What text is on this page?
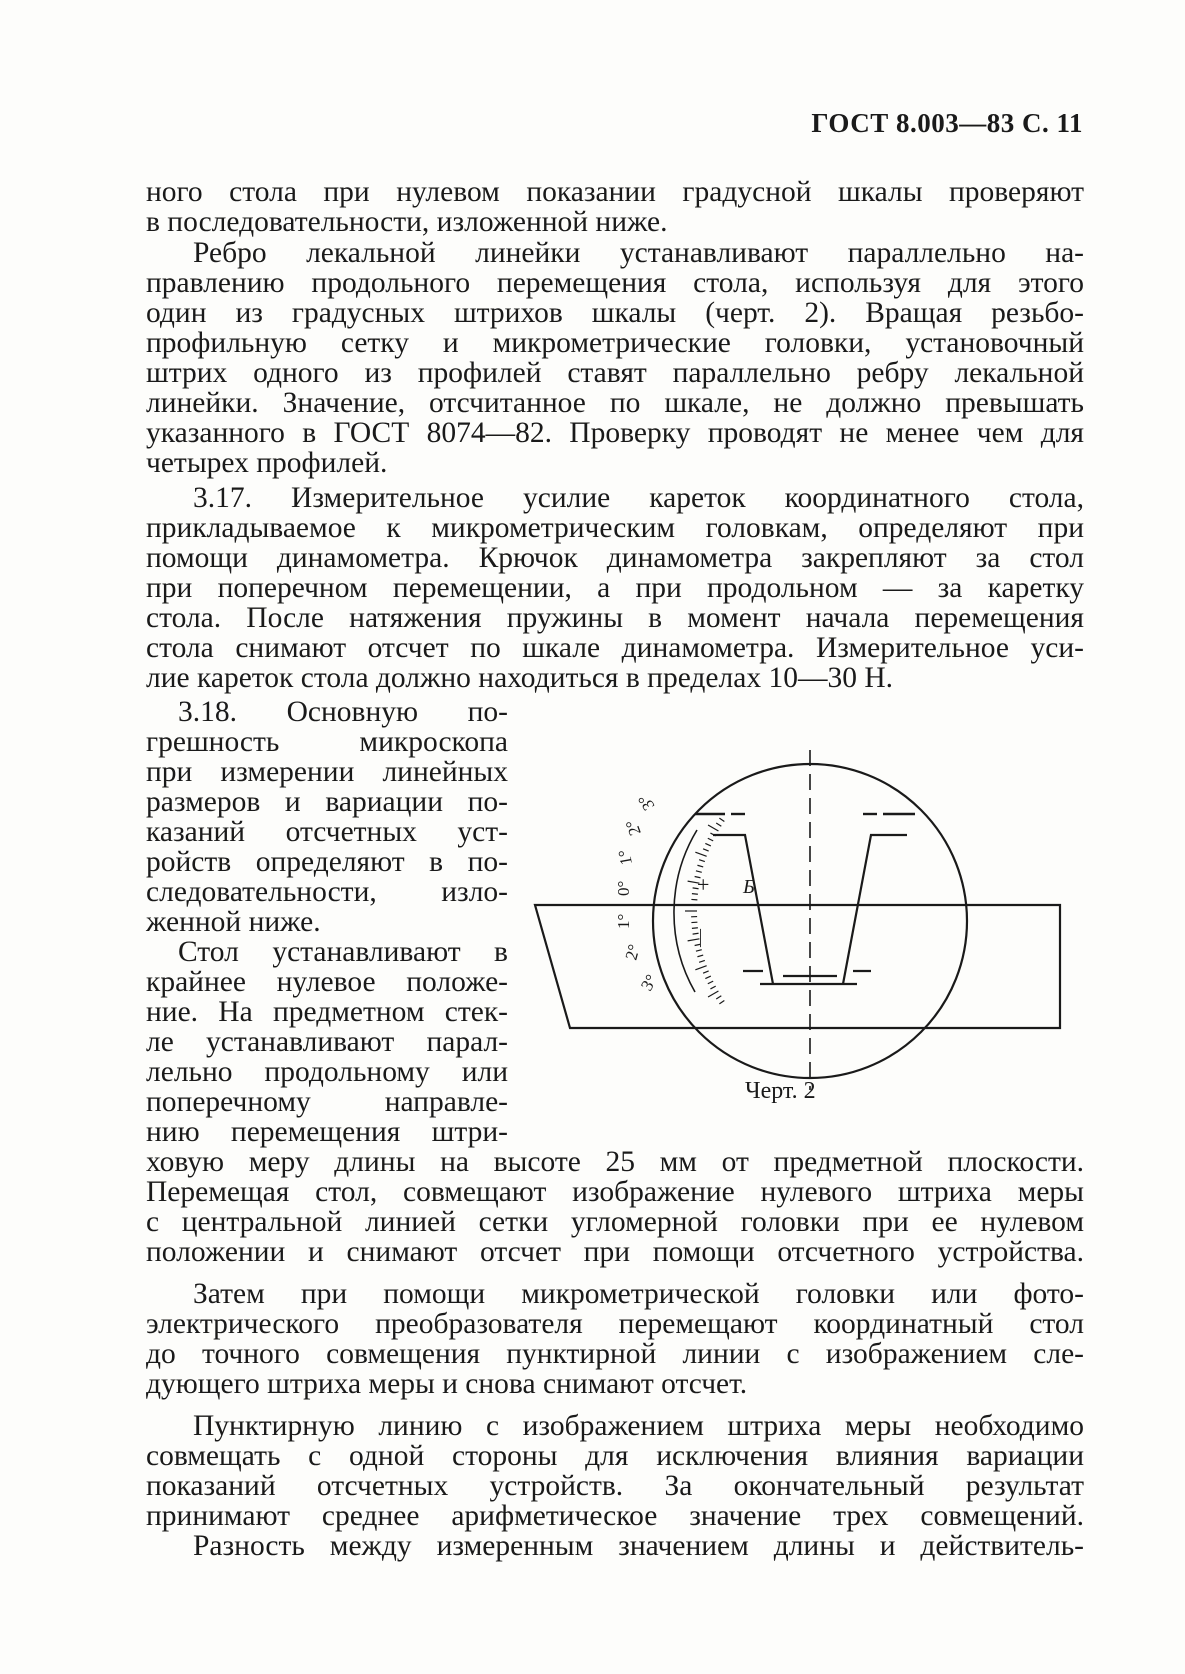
ГОСТ 8.003—83 С. 11
ного стола при нулевом показании градусной шкалы проверяют
в последовательности, изложенной ниже.
Ребро лекальной линейки устанавливают параллельно на-
правлению продольного перемещения стола, используя для этого
один из градусных штрихов шкалы (черт. 2). Вращая резьбо-
профильную сетку и микрометрические головки, установочный
штрих одного из профилей ставят параллельно ребру лекальной
линейки. Значение, отсчитанное по шкале, не должно превышать
указанного в ГОСТ 8074—82. Проверку проводят не менее чем для
четырех профилей.
3.17. Измерительное усилие кареток координатного стола,
прикладываемое к микрометрическим головкам, определяют при
помощи динамометра. Крючок динамометра закрепляют за стол
при поперечном перемещении, а при продольном — за каретку
стола. После натяжения пружины в момент начала перемещения
стола снимают отсчет по шкале динамометра. Измерительное уси-
лие кареток стола должно находиться в пределах 10—30 Н.
3.18. Основную по-
грешность микроскопа
при измерении линейных
размеров и вариации по-
казаний отсчетных уст-
ройств определяют в по-
следовательности, изло-
женной ниже.
Стол устанавливают в
крайнее нулевое положе-
ние. На предметном стек-
ле устанавливают парал-
лельно продольному или
поперечному направле-
нию перемещения штри-
3°
2°
1°
0°
1°
2°
3°
+
—
Б
Черт. 2
ховую меру длины на высоте 25 мм от предметной плоскости.
Перемещая стол, совмещают изображение нулевого штриха меры
с центральной линией сетки угломерной головки при ее нулевом
положении и снимают отсчет при помощи отсчетного устройства.
Затем при помощи микрометрической головки или фото-
электрического преобразователя перемещают координатный стол
до точного совмещения пунктирной линии с изображением сле-
дующего штриха меры и снова снимают отсчет.
Пунктирную линию с изображением штриха меры необходимо
совмещать с одной стороны для исключения влияния вариации
показаний отсчетных устройств. За окончательный результат
принимают среднее арифметическое значение трех совмещений.
Разность между измеренным значением длины и действитель-
